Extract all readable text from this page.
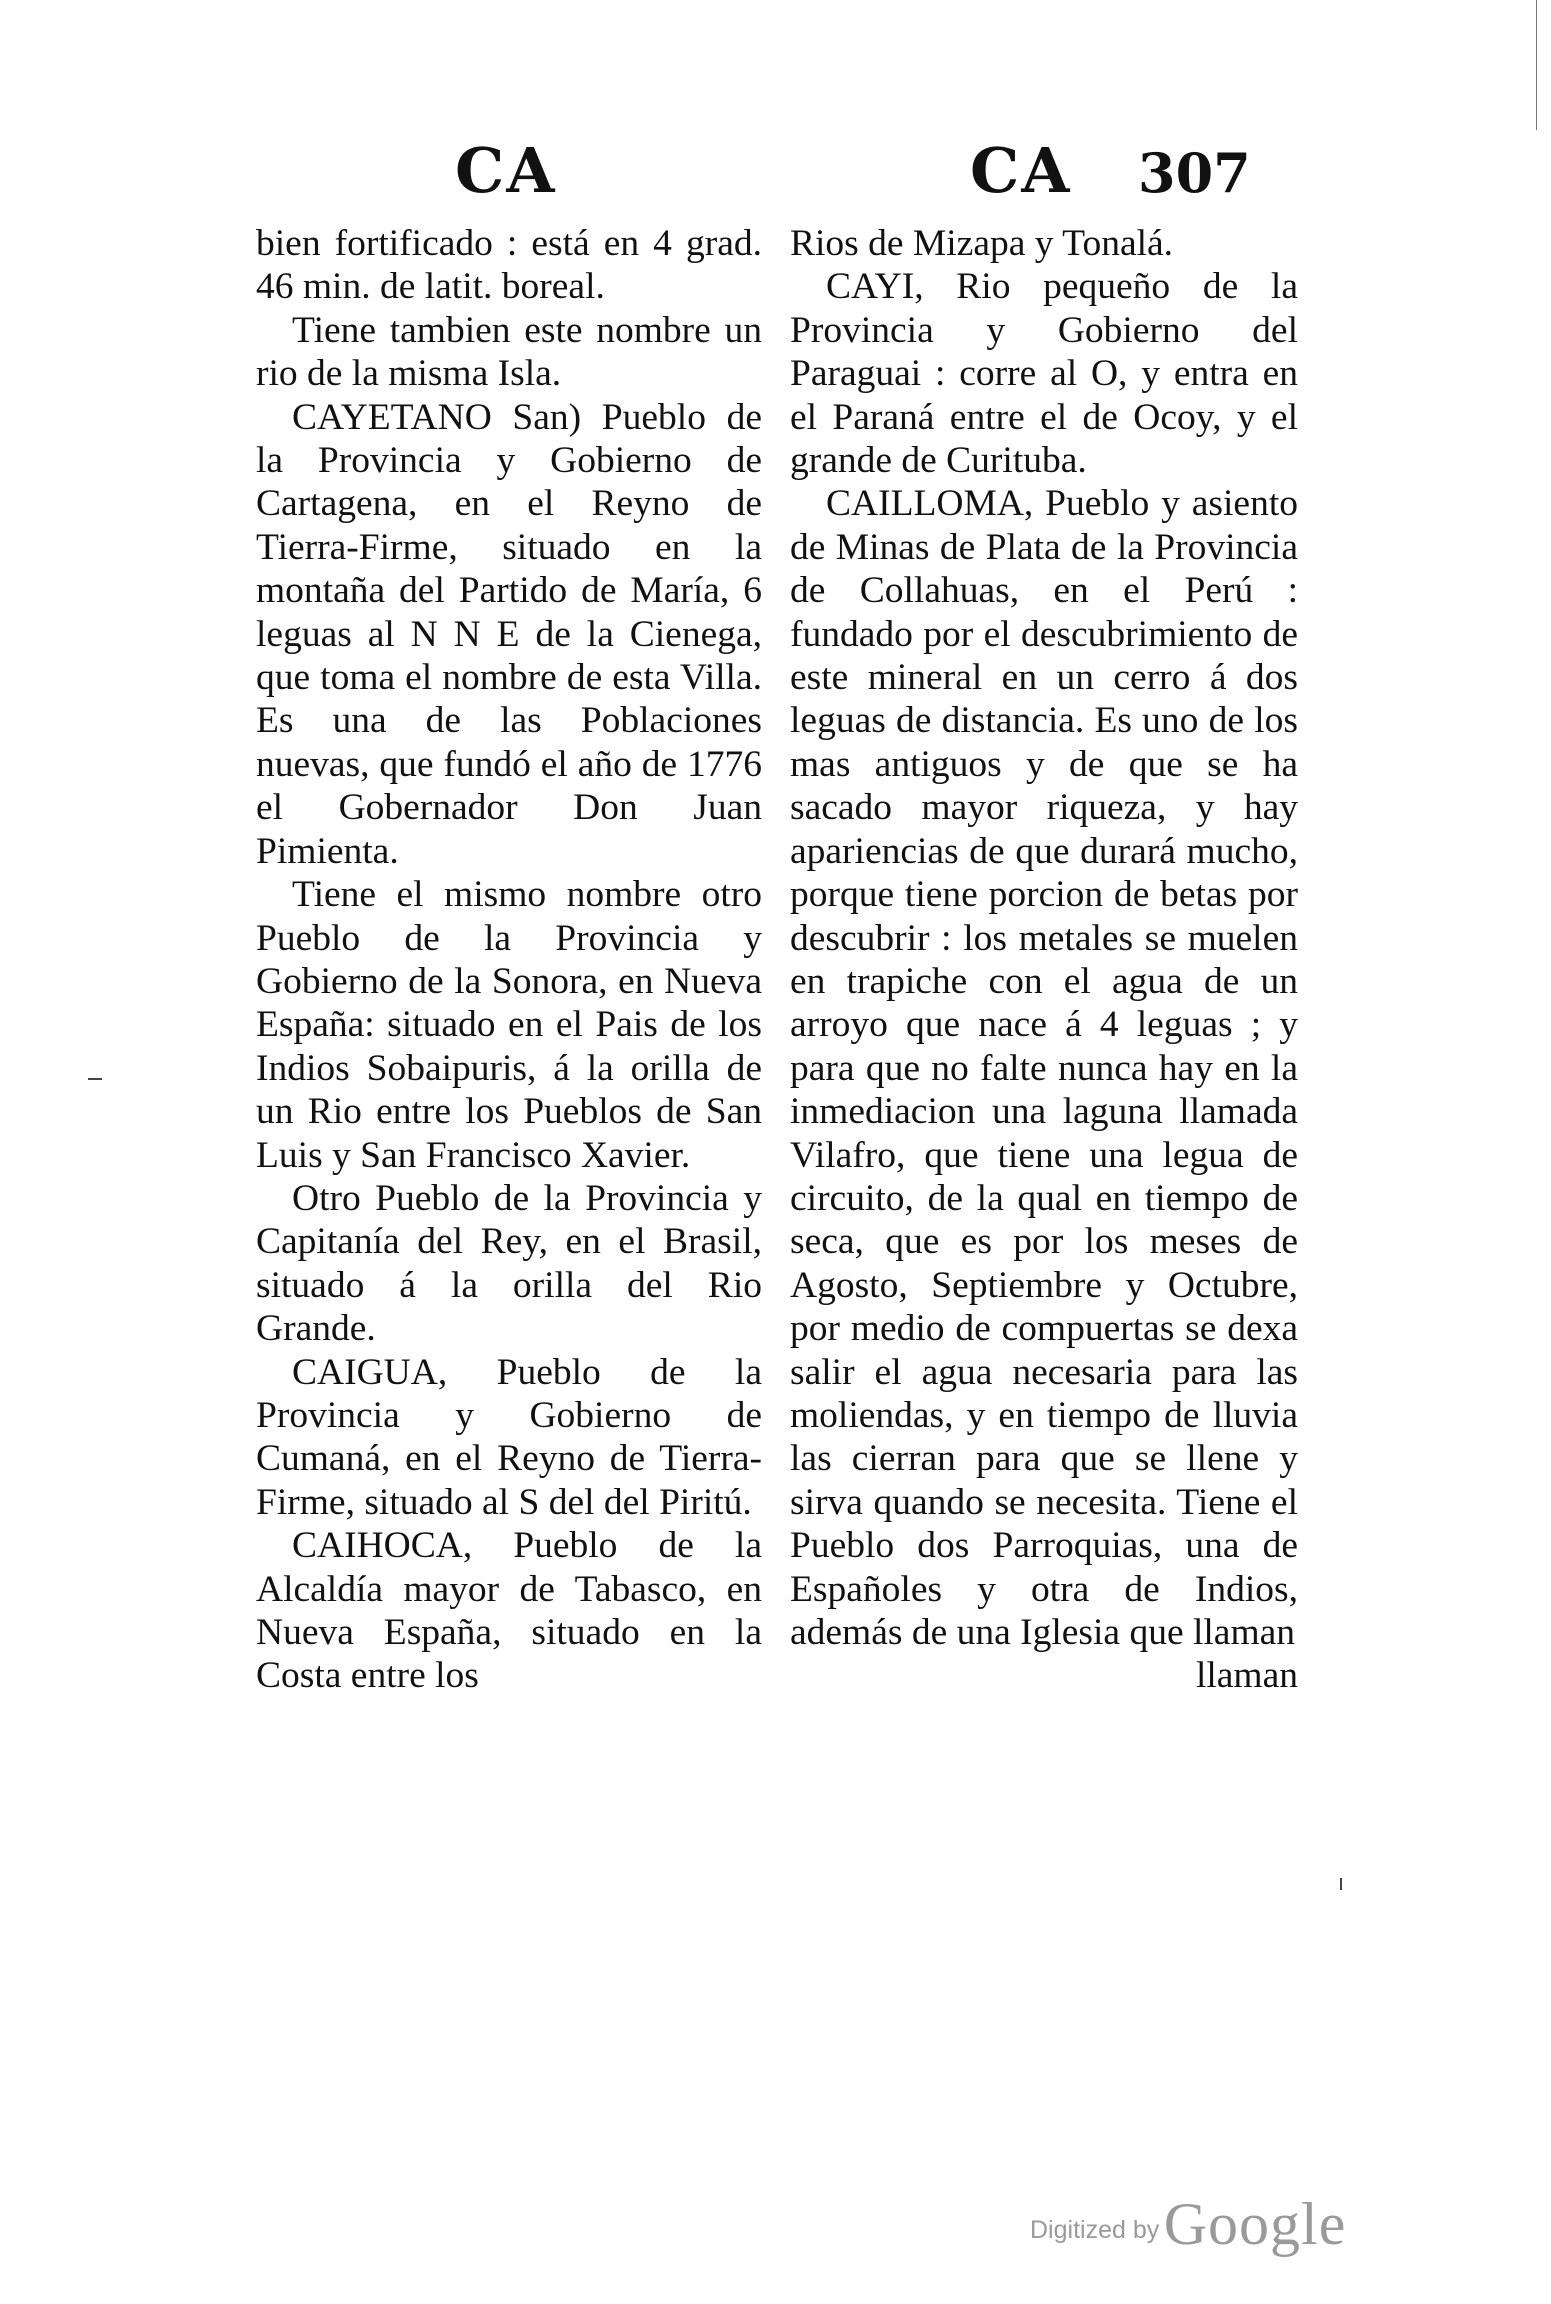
CA	CA 307

bien fortificado : está en 4 grad. 46 min. de latit. boreal.

Tiene tambien este nombre un rio de la misma Isla.

CAYETANO San) Pueblo de la Provincia y Gobierno de Cartagena, en el Reyno de Tierra-Firme, situado en la montaña del Partido de María, 6 leguas al N N E de la Cienega, que toma el nombre de esta Villa. Es una de las Poblaciones nuevas, que fundó el año de 1776 el Gobernador Don Juan Pimienta.

Tiene el mismo nombre otro Pueblo de la Provincia y Gobierno de la Sonora, en Nueva España: situado en el Pais de los Indios Sobaipuris, á la orilla de un Rio entre los Pueblos de San Luis y San Francisco Xavier.

Otro Pueblo de la Provincia y Capitanía del Rey, en el Brasil, situado á la orilla del Rio Grande.

CAIGUA, Pueblo de la Provincia y Gobierno de Cumaná, en el Reyno de Tierra-Firme, situado al S del del Piritú.

CAIHOCA, Pueblo de la Alcaldía mayor de Tabasco, en Nueva España, situado en la Costa entre los

Rios de Mizapa y Tonalá.

CAYI, Rio pequeño de la Provincia y Gobierno del Paraguai : corre al O, y entra en el Paraná entre el de Ocoy, y el grande de Curituba.

CAILLOMA, Pueblo y asiento de Minas de Plata de la Provincia de Collahuas, en el Perú : fundado por el descubrimiento de este mineral en un cerro á dos leguas de distancia. Es uno de los mas antiguos y de que se ha sacado mayor riqueza, y hay apariencias de que durará mucho, porque tiene porcion de betas por descubrir : los metales se muelen en trapiche con el agua de un arroyo que nace á 4 leguas ; y para que no falte nunca hay en la inmediacion una laguna llamada Vilafro, que tiene una legua de circuito, de la qual en tiempo de seca, que es por los meses de Agosto, Septiembre y Octubre, por medio de compuertas se dexa salir el agua necesaria para las moliendas, y en tiempo de lluvia las cierran para que se llene y sirva quando se necesita. Tiene el Pueblo dos Parroquias, una de Españoles y otra de Indios, además de una Iglesia que llaman

llaman
Digitized by Google
